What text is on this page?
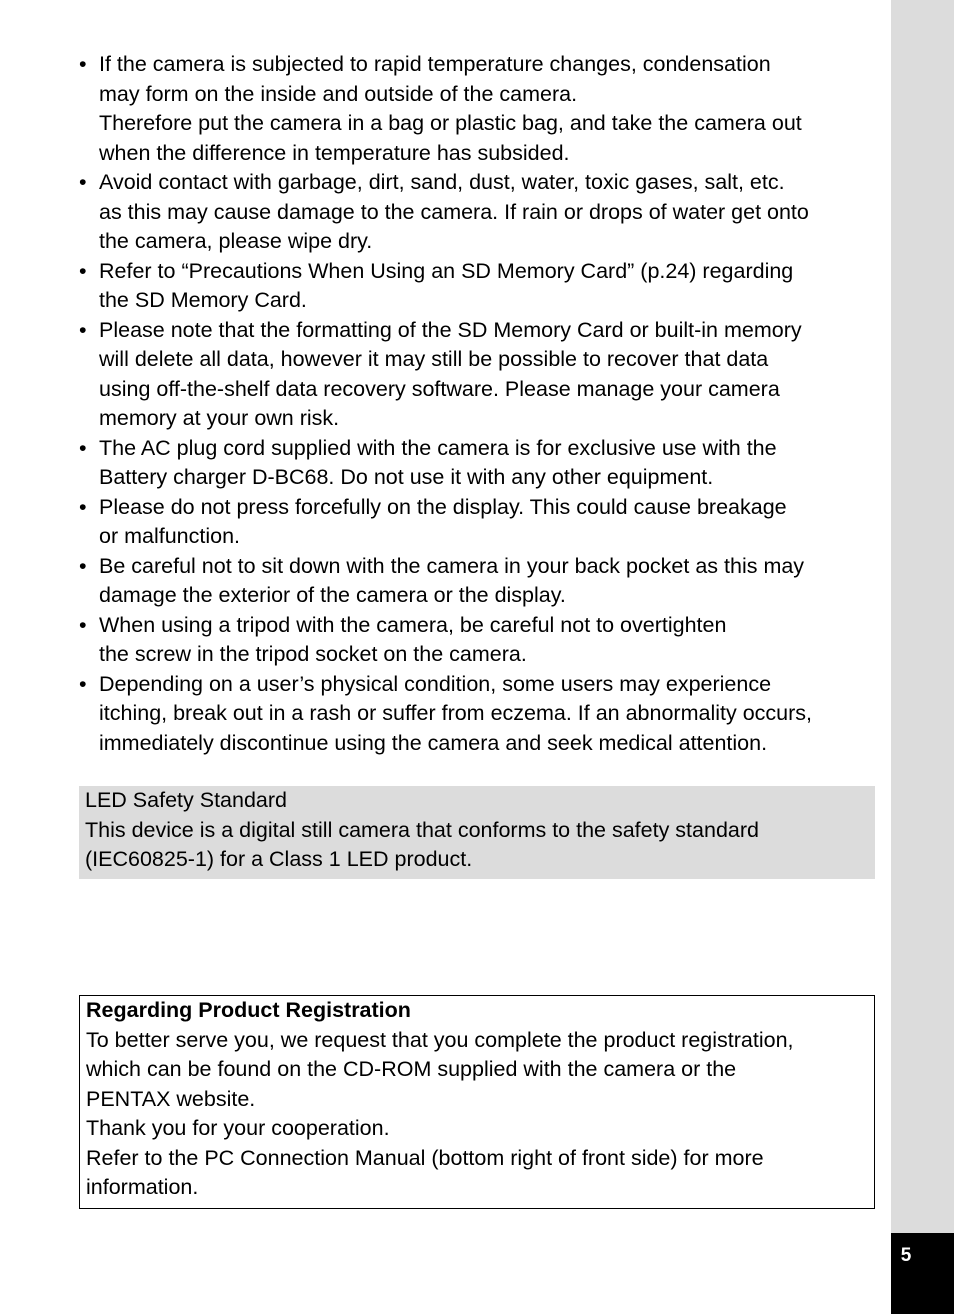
5
• If the camera is subjected to rapid temperature changes, condensation
may form on the inside and outside of the camera.
Therefore put the camera in a bag or plastic bag, and take the camera out
when the difference in temperature has subsided.
• Avoid contact with garbage, dirt, sand, dust, water, toxic gases, salt, etc.
as this may cause damage to the camera. If rain or drops of water get onto
the camera, please wipe dry.
• Refer to “Precautions When Using an SD Memory Card” (p.24) regarding
the SD Memory Card.
• Please note that the formatting of the SD Memory Card or built-in memory
will delete all data, however it may still be possible to recover that data
using off-the-shelf data recovery software. Please manage your camera
memory at your own risk.
• The AC plug cord supplied with the camera is for exclusive use with the
Battery charger D-BC68. Do not use it with any other equipment.
• Please do not press forcefully on the display. This could cause breakage
or malfunction.
• Be careful not to sit down with the camera in your back pocket as this may
damage the exterior of the camera or the display.
• When using a tripod with the camera, be careful not to overtighten
the screw in the tripod socket on the camera.
• Depending on a user’s physical condition, some users may experience
itching, break out in a rash or suffer from eczema. If an abnormality occurs,
immediately discontinue using the camera and seek medical attention.
LED Safety Standard
This device is a digital still camera that conforms to the safety standard
(IEC60825-1) for a Class 1 LED product.
Regarding Product Registration
To better serve you, we request that you complete the product registration,
which can be found on the CD-ROM supplied with the camera or the
PENTAX website.
Thank you for your cooperation.
Refer to the PC Connection Manual (bottom right of front side) for more
information.
